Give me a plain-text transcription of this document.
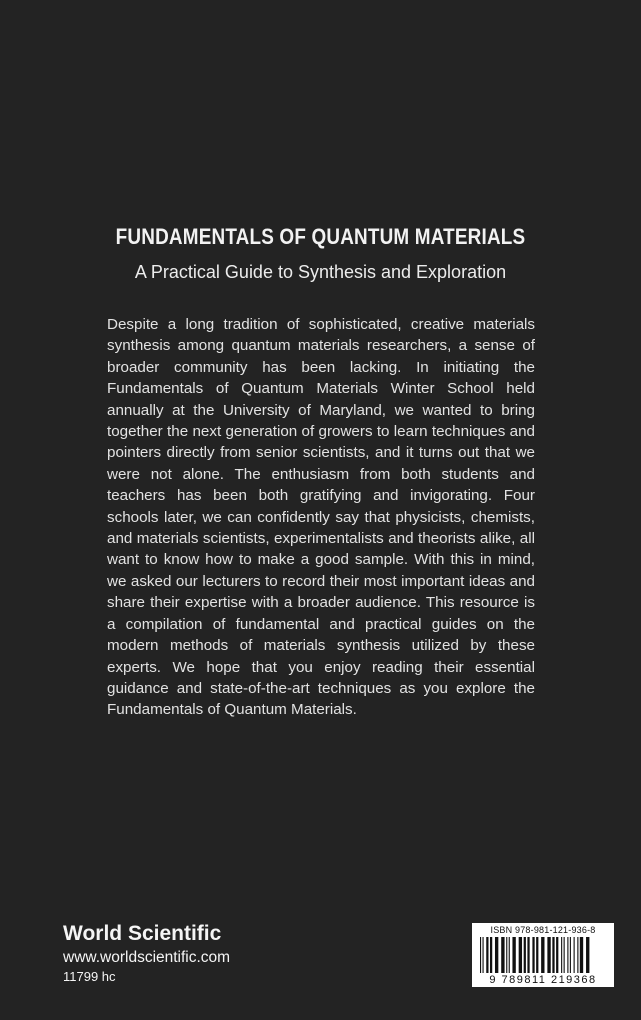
FUNDAMENTALS OF QUANTUM MATERIALS
A Practical Guide to Synthesis and Exploration

Despite a long tradition of sophisticated, creative materials synthesis among quantum materials researchers, a sense of broader community has been lacking. In initiating the Fundamentals of Quantum Materials Winter School held annually at the University of Maryland, we wanted to bring together the next generation of growers to learn techniques and pointers directly from senior scientists, and it turns out that we were not alone. The enthusiasm from both students and teachers has been both gratifying and invigorating. Four schools later, we can confidently say that physicists, chemists, and materials scientists, experimentalists and theorists alike, all want to know how to make a good sample. With this in mind, we asked our lecturers to record their most important ideas and share their expertise with a broader audience. This resource is a compilation of fundamental and practical guides on the modern methods of materials synthesis utilized by these experts. We hope that you enjoy reading their essential guidance and state-of-the-art techniques as you explore the Fundamentals of Quantum Materials.

World Scientific
www.worldscientific.com
11799 hc
ISBN 978-981-121-936-8
9 789811 219368
